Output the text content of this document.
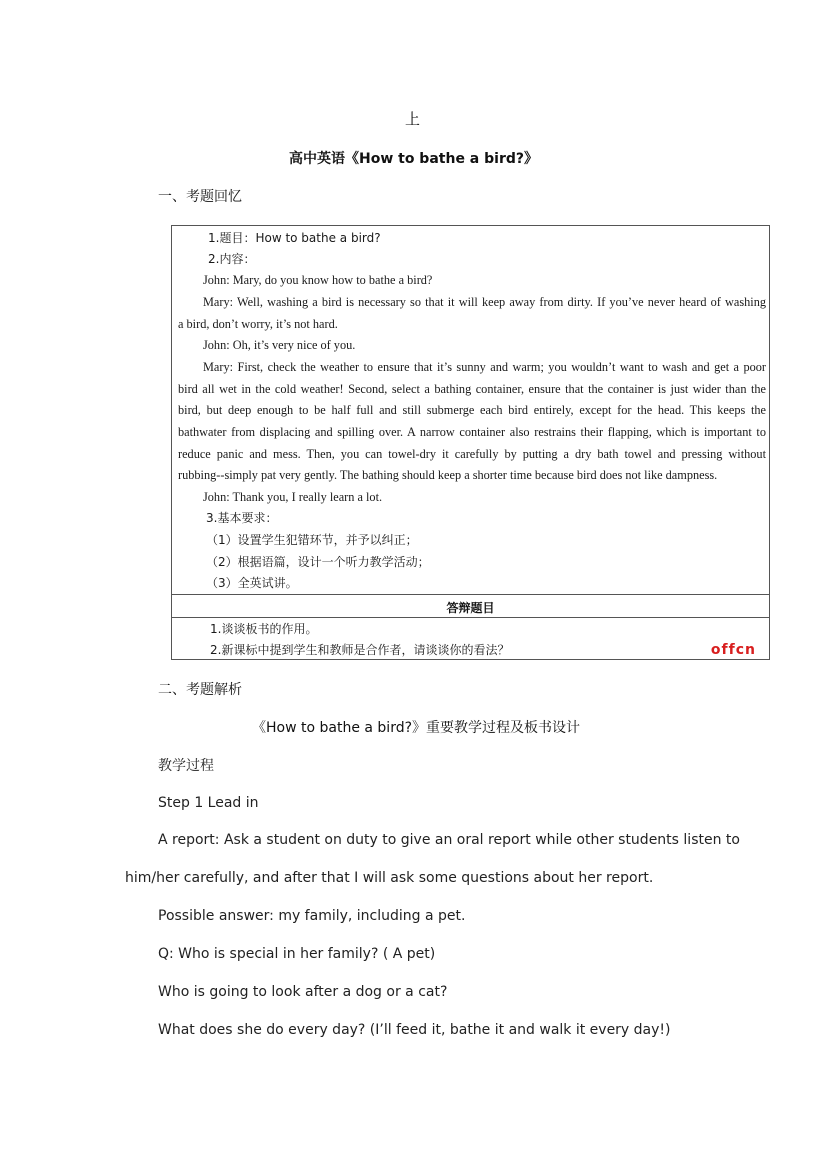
上
高中英语《How to bathe a bird?》
一、考题回忆
1.题目：How to bathe a bird?
2.内容：
John: Mary, do you know how to bathe a bird?
Mary: Well, washing a bird is necessary so that it will keep away from dirty. If you’ve never heard of washing
a bird, don’t worry, it’s not hard.
John: Oh, it’s very nice of you.
Mary: First, check the weather to ensure that it’s sunny and warm; you wouldn’t want to wash and get a poor
bird all wet in the cold weather! Second, select a bathing container, ensure that the container is just wider than the
bird, but deep enough to be half full and still submerge each bird entirely, except for the head. This keeps the
bathwater from displacing and spilling over. A narrow container also restrains their flapping, which is important to
reduce panic and mess. Then, you can towel-dry it carefully by putting a dry bath towel and pressing without
rubbing--simply pat very gently. The bathing should keep a shorter time because bird does not like dampness.
John: Thank you, I really learn a lot.
3.基本要求：
（1）设置学生犯错环节，并予以纠正；
（2）根据语篇，设计一个听力教学活动；
（3）全英试讲。
答辩题目
1.谈谈板书的作用。
2.新课标中提到学生和教师是合作者，请谈谈你的看法？	offcn
二、考题解析
《How to bathe a bird?》重要教学过程及板书设计
教学过程
Step 1 Lead in
A report: Ask a student on duty to give an oral report while other students listen to
him/her carefully, and after that I will ask some questions about her report.
Possible answer: my family, including a pet.
Q: Who is special in her family? ( A pet)
Who is going to look after a dog or a cat?
What does she do every day? (I’ll feed it, bathe it and walk it every day!)
